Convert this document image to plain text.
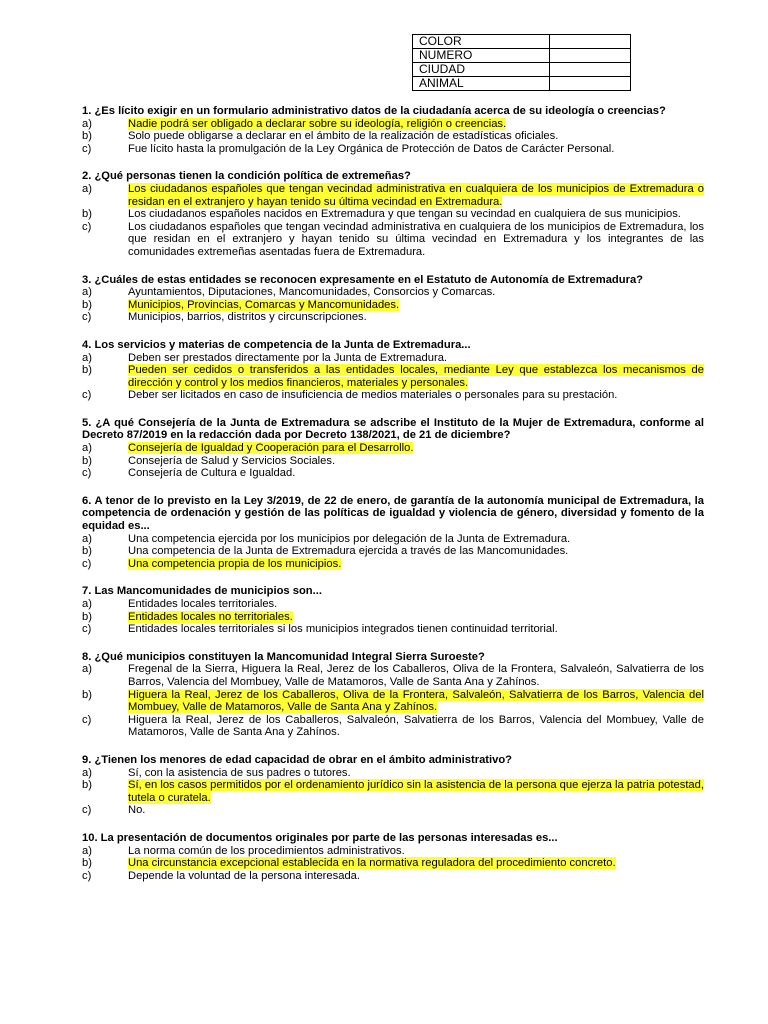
COLOR	
NUMERO	
CIUDAD	
ANIMAL	
1. ¿Es lícito exigir en un formulario administrativo datos de la ciudadanía acerca de su ideología o creencias?
a)	Nadie podrá ser obligado a declarar sobre su ideología, religión o creencias.
b)	Solo puede obligarse a declarar en el ámbito de la realización de estadísticas oficiales.
c)	Fue lícito hasta la promulgación de la Ley Orgánica de Protección de Datos de Carácter Personal.
2. ¿Qué personas tienen la condición política de extremeñas?
a)	Los ciudadanos españoles que tengan vecindad administrativa en cualquiera de los municipios de Extremadura o residan en el extranjero y hayan tenido su última vecindad en Extremadura.
b)	Los ciudadanos españoles nacidos en Extremadura y que tengan su vecindad en cualquiera de sus municipios.
c)	Los ciudadanos españoles que tengan vecindad administrativa en cualquiera de los municipios de Extremadura, los que residan en el extranjero y hayan tenido su última vecindad en Extremadura y los integrantes de las comunidades extremeñas asentadas fuera de Extremadura.
3. ¿Cuáles de estas entidades se reconocen expresamente en el Estatuto de Autonomía de Extremadura?
a)	Ayuntamientos, Diputaciones, Mancomunidades, Consorcios y Comarcas.
b)	Municipios, Provincias, Comarcas y Mancomunidades.
c)	Municipios, barrios, distritos y circunscripciones.
4. Los servicios y materias de competencia de la Junta de Extremadura...
a)	Deben ser prestados directamente por la Junta de Extremadura.
b)	Pueden ser cedidos o transferidos a las entidades locales, mediante Ley que establezca los mecanismos de dirección y control y los medios financieros, materiales y personales.
c)	Deber ser licitados en caso de insuficiencia de medios materiales o personales para su prestación.
5. ¿A qué Consejería de la Junta de Extremadura se adscribe el Instituto de la Mujer de Extremadura, conforme al Decreto 87/2019 en la redacción dada por Decreto 138/2021, de 21 de diciembre?
a)	Consejería de Igualdad y Cooperación para el Desarrollo.
b)	Consejería de Salud y Servicios Sociales.
c)	Consejería de Cultura e Igualdad.
6. A tenor de lo previsto en la Ley 3/2019, de 22 de enero, de garantía de la autonomía municipal de Extremadura, la competencia de ordenación y gestión de las políticas de igualdad y violencia de género, diversidad y fomento de la equidad es...
a)	Una competencia ejercida por los municipios por delegación de la Junta de Extremadura.
b)	Una competencia de la Junta de Extremadura ejercida a través de las Mancomunidades.
c)	Una competencia propia de los municipios.
7. Las Mancomunidades de municipios son...
a)	Entidades locales territoriales.
b)	Entidades locales no territoriales.
c)	Entidades locales territoriales si los municipios integrados tienen continuidad territorial.
8. ¿Qué municipios constituyen la Mancomunidad Integral Sierra Suroeste?
a)	Fregenal de la Sierra, Higuera la Real, Jerez de los Caballeros, Oliva de la Frontera, Salvaleón, Salvatierra de los Barros, Valencia del Mombuey, Valle de Matamoros, Valle de Santa Ana y Zahínos.
b)	Higuera la Real, Jerez de los Caballeros, Oliva de la Frontera, Salvaleón, Salvatierra de los Barros, Valencia del Mombuey, Valle de Matamoros, Valle de Santa Ana y Zahínos.
c)	Higuera la Real, Jerez de los Caballeros, Salvaleón, Salvatierra de los Barros, Valencia del Mombuey, Valle de Matamoros, Valle de Santa Ana y Zahínos.
9. ¿Tienen los menores de edad capacidad de obrar en el ámbito administrativo?
a)	Sí, con la asistencia de sus padres o tutores.
b)	Sí, en los casos permitidos por el ordenamiento jurídico sin la asistencia de la persona que ejerza la patria potestad, tutela o curatela.
c)	No.
10. La presentación de documentos originales por parte de las personas interesadas es...
a)	La norma común de los procedimientos administrativos.
b)	Una circunstancia excepcional establecida en la normativa reguladora del procedimiento concreto.
c)	Depende la voluntad de la persona interesada.
